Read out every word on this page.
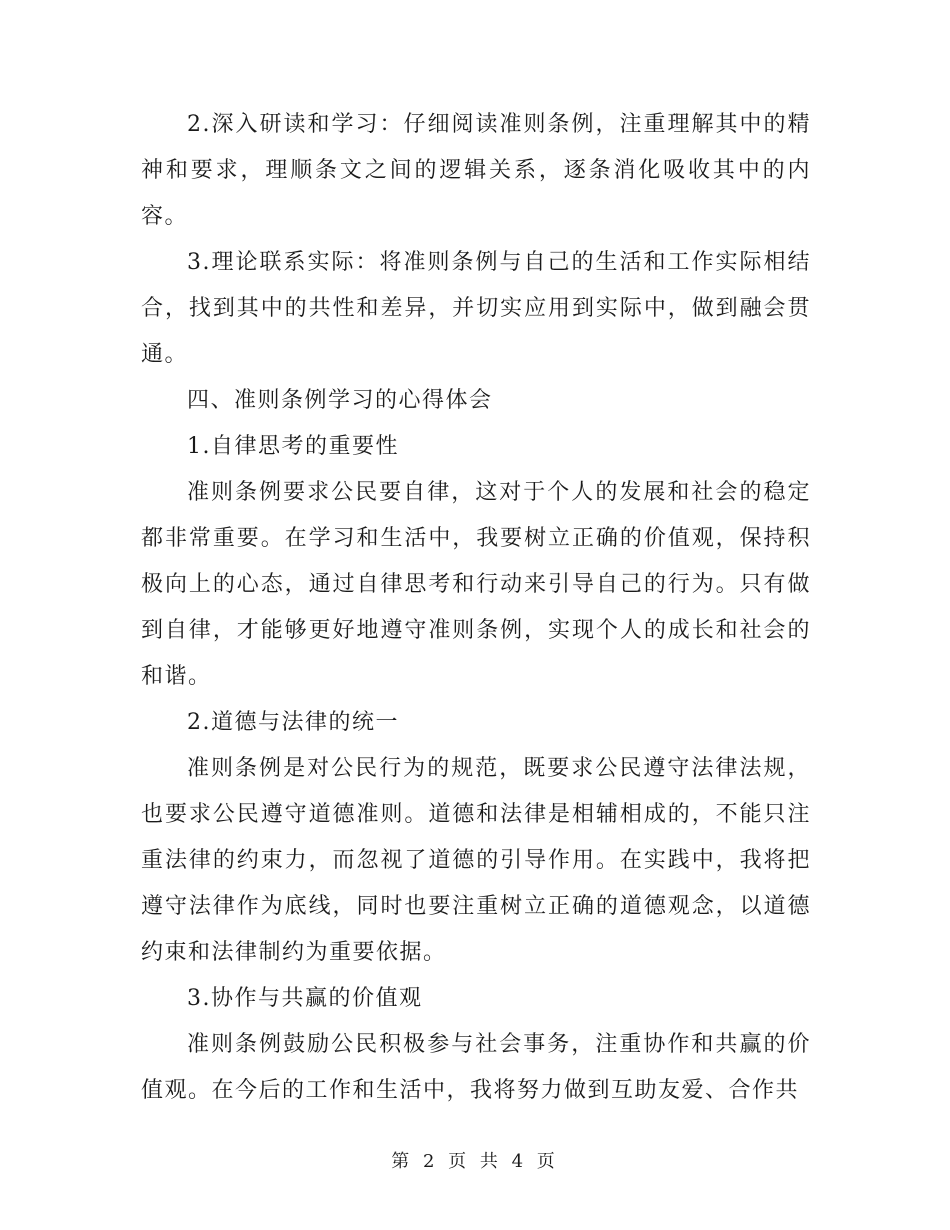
2.深入研读和学习：仔细阅读准则条例，注重理解其中的精神和要求，理顺条文之间的逻辑关系，逐条消化吸收其中的内容。

3.理论联系实际：将准则条例与自己的生活和工作实际相结合，找到其中的共性和差异，并切实应用到实际中，做到融会贯通。

四、准则条例学习的心得体会

1.自律思考的重要性

准则条例要求公民要自律，这对于个人的发展和社会的稳定都非常重要。在学习和生活中，我要树立正确的价值观，保持积极向上的心态，通过自律思考和行动来引导自己的行为。只有做到自律，才能够更好地遵守准则条例，实现个人的成长和社会的和谐。

2.道德与法律的统一

准则条例是对公民行为的规范，既要求公民遵守法律法规，也要求公民遵守道德准则。道德和法律是相辅相成的，不能只注重法律的约束力，而忽视了道德的引导作用。在实践中，我将把遵守法律作为底线，同时也要注重树立正确的道德观念，以道德约束和法律制约为重要依据。

3.协作与共赢的价值观

准则条例鼓励公民积极参与社会事务，注重协作和共赢的价值观。在今后的工作和生活中，我将努力做到互助友爱、合作共

第 2 页 共 4 页
